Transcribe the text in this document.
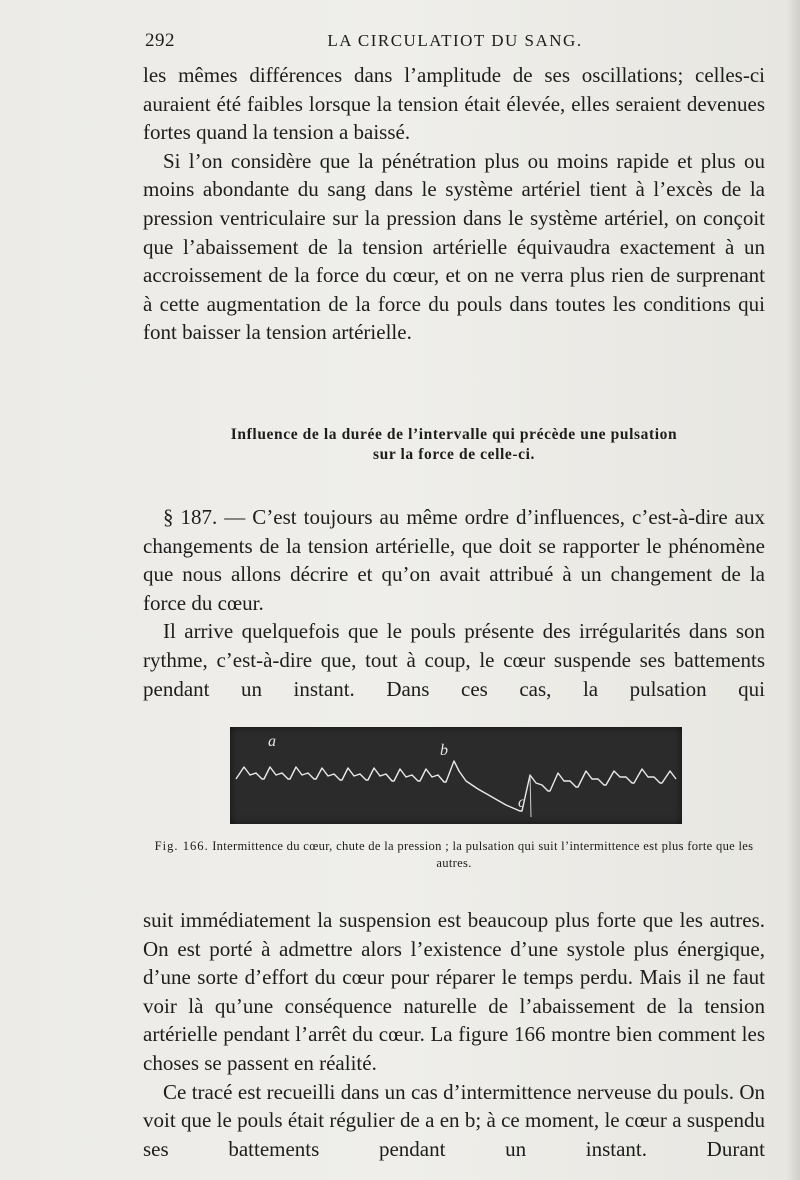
292	LA CIRCULATIOT DU SANG.

les mêmes différences dans l’amplitude de ses oscillations; celles-ci auraient été faibles lorsque la tension était élevée, elles seraient devenues fortes quand la tension a baissé.

Si l’on considère que la pénétration plus ou moins rapide et plus ou moins abondante du sang dans le système artériel tient à l’excès de la pression ventriculaire sur la pression dans le système artériel, on conçoit que l’abaissement de la tension artérielle équivaudra exactement à un accroissement de la force du cœur, et on ne verra plus rien de surprenant à cette augmentation de la force du pouls dans toutes les conditions qui font baisser la tension artérielle.

Influence de la durée de l’intervalle qui précède une pulsation
sur la force de celle-ci.

§ 187. — C’est toujours au même ordre d’influences, c’est-à-dire aux changements de la tension artérielle, que doit se rapporter le phénomène que nous allons décrire et qu’on avait attribué à un changement de la force du cœur.

Il arrive quelquefois que le pouls présente des irrégularités dans son rythme, c’est-à-dire que, tout à coup, le cœur suspende ses battements pendant un instant. Dans ces cas, la pulsation qui

a
b
c
Fig. 166. Intermittence du cœur, chute de la pression ; la pulsation qui suit l’intermittence est plus forte que les autres.

suit immédiatement la suspension est beaucoup plus forte que les autres. On est porté à admettre alors l’existence d’une systole plus énergique, d’une sorte d’effort du cœur pour réparer le temps perdu. Mais il ne faut voir là qu’une conséquence naturelle de l’abaissement de la tension artérielle pendant l’arrêt du cœur. La figure 166 montre bien comment les choses se passent en réalité.

Ce tracé est recueilli dans un cas d’intermittence nerveuse du pouls. On voit que le pouls était régulier de a en b; à ce moment, le cœur a suspendu ses battements pendant un instant. Durant
